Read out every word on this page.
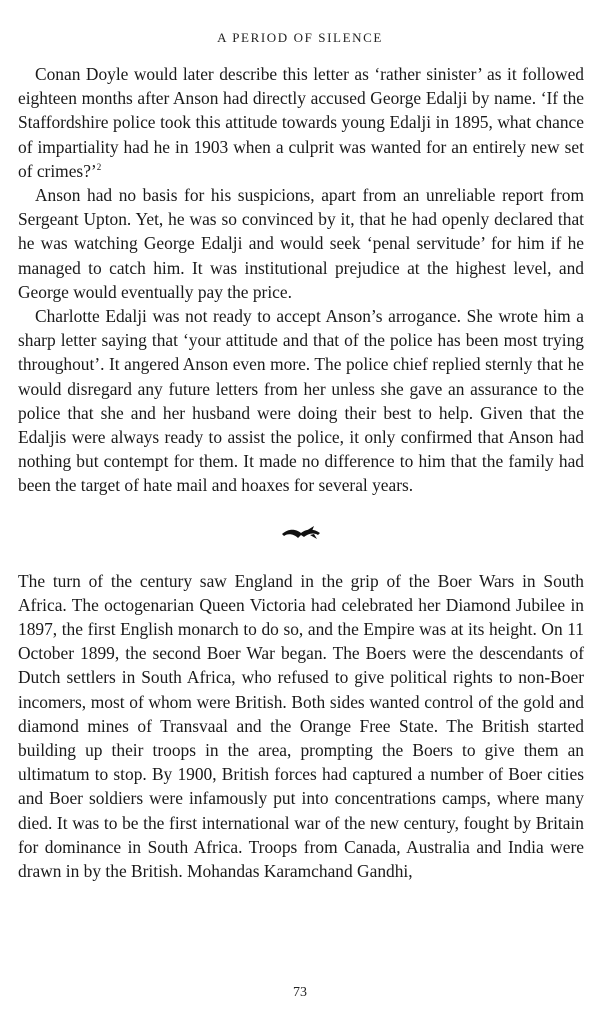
A PERIOD OF SILENCE

Conan Doyle would later describe this letter as ‘rather sinister’ as it followed eighteen months after Anson had directly accused George Edalji by name. ‘If the Staffordshire police took this attitude towards young Edalji in 1895, what chance of impartiality had he in 1903 when a culprit was wanted for an entirely new set of crimes?’$^2$

Anson had no basis for his suspicions, apart from an unreliable report from Sergeant Upton. Yet, he was so convinced by it, that he had openly declared that he was watching George Edalji and would seek ‘penal servitude’ for him if he managed to catch him. It was institutional prejudice at the highest level, and George would eventually pay the price.

Charlotte Edalji was not ready to accept Anson’s arrogance. She wrote him a sharp letter saying that ‘your attitude and that of the police has been most trying throughout’. It angered Anson even more. The police chief replied sternly that he would disregard any future letters from her unless she gave an assurance to the police that she and her husband were doing their best to help. Given that the Edaljis were always ready to assist the police, it only confirmed that Anson had nothing but contempt for them. It made no difference to him that the family had been the target of hate mail and hoaxes for several years.

The turn of the century saw England in the grip of the Boer Wars in South Africa. The octogenarian Queen Victoria had celebrated her Diamond Jubilee in 1897, the first English monarch to do so, and the Empire was at its height. On 11 October 1899, the second Boer War began. The Boers were the descendants of Dutch settlers in South Africa, who refused to give political rights to non-Boer incomers, most of whom were British. Both sides wanted control of the gold and diamond mines of Transvaal and the Orange Free State. The British started building up their troops in the area, prompting the Boers to give them an ultimatum to stop. By 1900, British forces had captured a number of Boer cities and Boer soldiers were infamously put into concentrations camps, where many died. It was to be the first international war of the new century, fought by Britain for dominance in South Africa. Troops from Canada, Australia and India were drawn in by the British. Mohandas Karamchand Gandhi,

73
